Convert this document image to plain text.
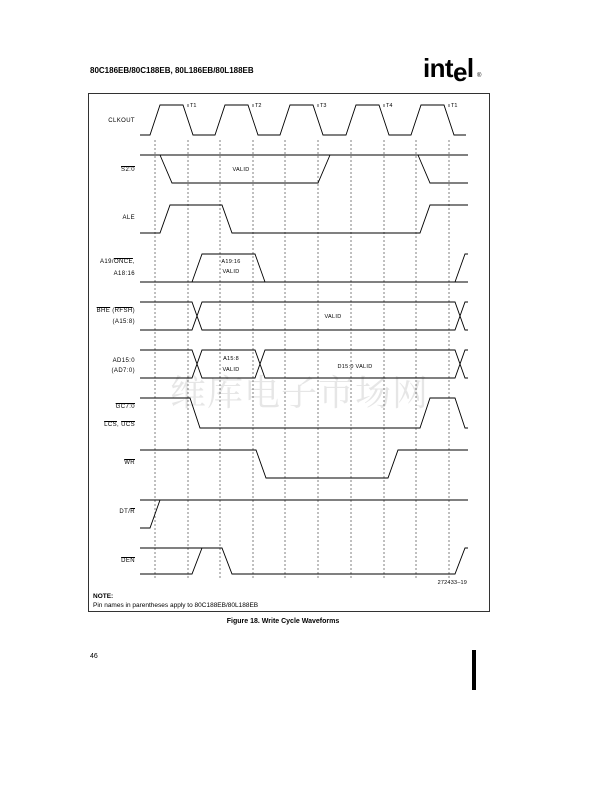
维库电子市场网
80C186EB/80C188EB, 80L186EB/80L188EB	intel ®
T1	T2	T3	T4	T1
CLKOUT
S2:0
ALE
A19/ONCE,
A18:16
$\overline{BHE}$ (RFSH)
(A15:8)
AD15:0
(AD7:0)
GC7:0
$\overline{LCS}$, $\overline{UCS}$
$\overline{WR}$
$DT/\overline{R}$
$\overline{DEN}$
VALID
A19:16
VALID
VALID
A15:8
VALID	D15:0 VALID
272433–19
NOTE:
Pin names in parentheses apply to 80C188EB/80L188EB
Figure 18. Write Cycle Waveforms
46
